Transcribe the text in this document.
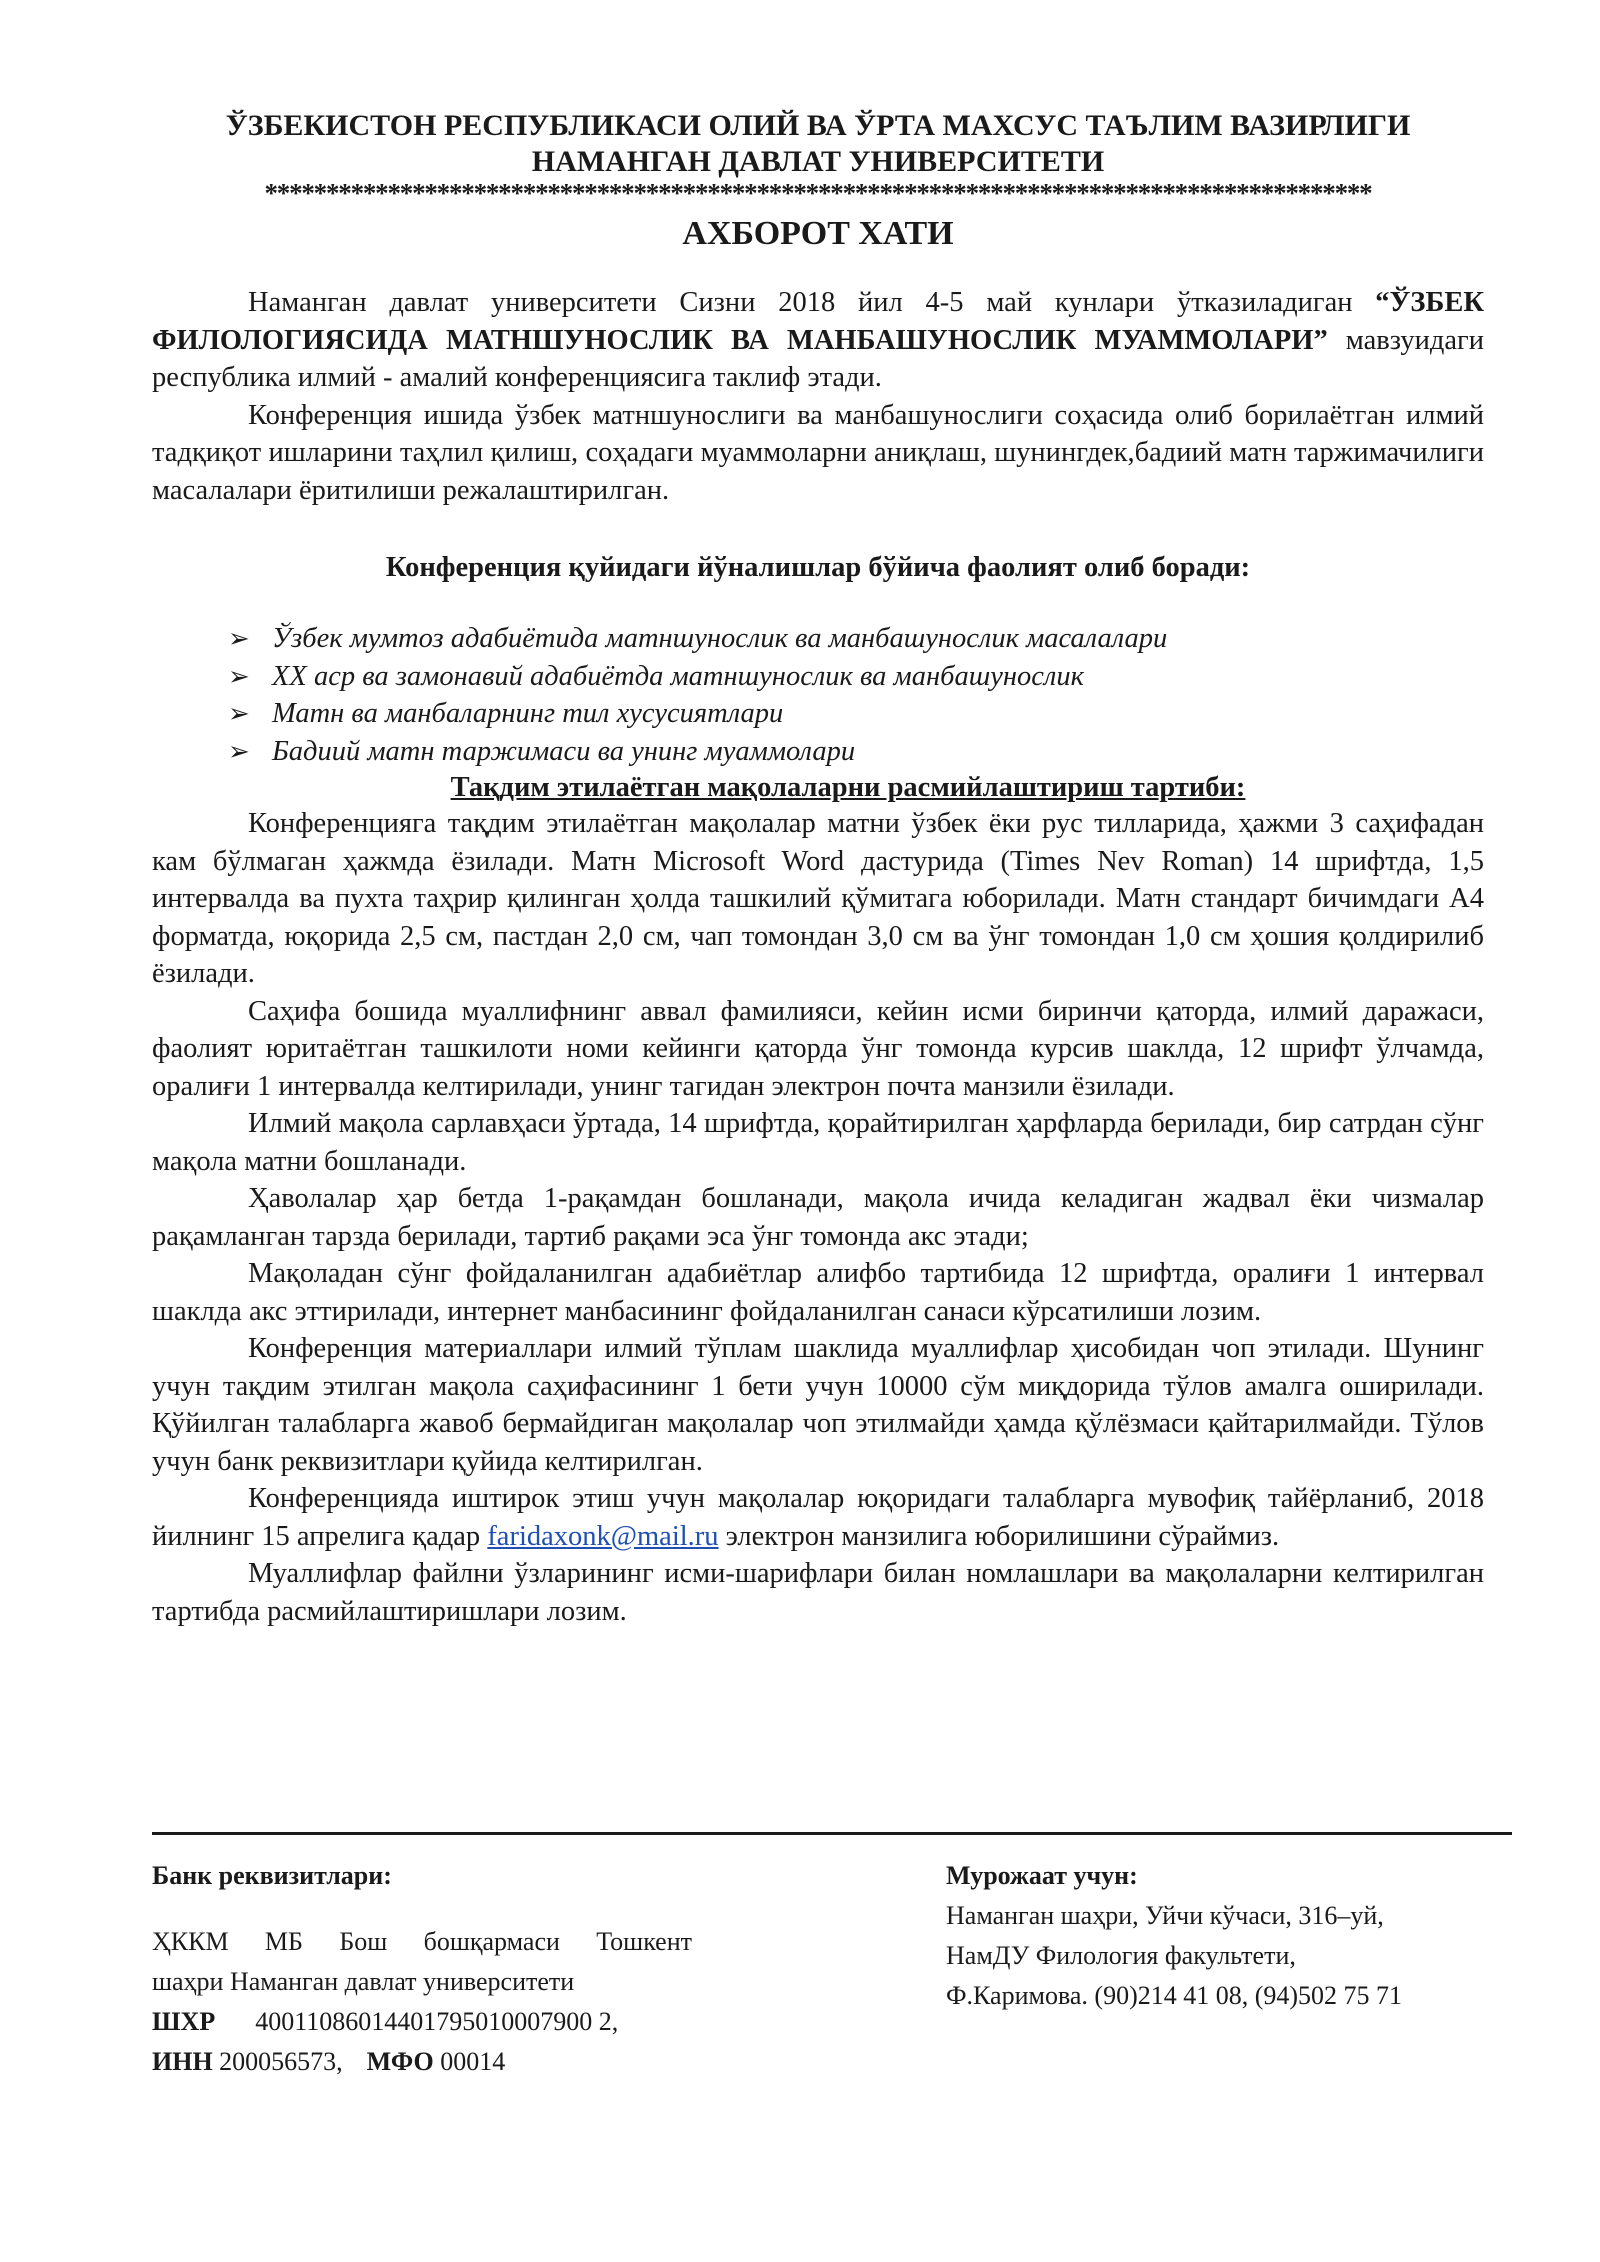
ЎЗБЕКИСТОН РЕСПУБЛИКАСИ ОЛИЙ ВА ЎРТА МАХСУС ТАЪЛИМ ВАЗИРЛИГИ
НАМАНГАН ДАВЛАТ УНИВЕРСИТЕТИ
******************************************************************************************
АХБОРОТ ХАТИ

Наманган давлат университети Сизни 2018 йил 4-5 май кунлари ўтказиладиган “ЎЗБЕК ФИЛОЛОГИЯСИДА МАТНШУНОСЛИК ВА МАНБАШУНОСЛИК МУАММОЛАРИ” мавзуидаги республика илмий - амалий конференциясига таклиф этади.

Конференция ишида ўзбек матншунослиги ва манбашунослиги соҳасида олиб борилаётган илмий тадқиқот ишларини таҳлил қилиш, соҳадаги муаммоларни аниқлаш, шунингдек,бадиий матн таржимачилиги масалалари ёритилиши режалаштирилган.

Конференция қуйидаги йўналишлар бўйича фаолият олиб боради:
➢ Ўзбек мумтоз адабиётида матншунослик ва манбашунослик масалалари
➢ ХХ аср ва замонавий адабиётда матншунослик ва манбашунослик
➢ Матн ва манбаларнинг тил хусусиятлари
➢ Бадиий матн таржимаси ва унинг муаммолари
Тақдим этилаётган мақолаларни расмийлаштириш тартиби:

Конференцияга тақдим этилаётган мақолалар матни ўзбек ёки рус тилларида, ҳажми 3 саҳифадан кам бўлмаган ҳажмда ёзилади. Матн Microsoft Word дастурида (Times Nev Roman) 14 шрифтда, 1,5 интервалда ва пухта таҳрир қилинган ҳолда ташкилий қўмитага юборилади. Матн стандарт бичимдаги А4 форматда, юқорида 2,5 см, пастдан 2,0 см, чап томондан 3,0 см ва ўнг томондан 1,0 см ҳошия қолдирилиб ёзилади.

Саҳифа бошида муаллифнинг аввал фамилияси, кейин исми биринчи қаторда, илмий даражаси, фаолият юритаётган ташкилоти номи кейинги қаторда ўнг томонда курсив шаклда, 12 шрифт ўлчамда, оралиғи 1 интервалда келтирилади, унинг тагидан электрон почта манзили ёзилади.

Илмий мақола сарлавҳаси ўртада, 14 шрифтда, қорайтирилган ҳарфларда берилади, бир сатрдан сўнг мақола матни бошланади.

Ҳаволалар ҳар бетда 1-рақамдан бошланади, мақола ичида келадиган жадвал ёки чизмалар рақамланган тарзда берилади, тартиб рақами эса ўнг томонда акс этади;

Мақоладан сўнг фойдаланилган адабиётлар алифбо тартибида 12 шрифтда, оралиғи 1 интервал шаклда акс эттирилади, интернет манбасининг фойдаланилган санаси кўрсатилиши лозим.

Конференция материаллари илмий тўплам шаклида муаллифлар ҳисобидан чоп этилади. Шунинг учун тақдим этилган мақола саҳифасининг 1 бети учун 10000 сўм миқдорида тўлов амалга оширилади. Қўйилган талабларга жавоб бермайдиган мақолалар чоп этилмайди ҳамда қўлёзмаси қайтарилмайди. Тўлов учун банк реквизитлари қуйида келтирилган.

Конференцияда иштирок этиш учун мақолалар юқоридаги талабларга мувофиқ тайёрланиб, 2018 йилнинг 15 апрелига қадар faridaxonk@mail.ru электрон манзилига юборилишини сўраймиз.

Муаллифлар файлни ўзларининг исми-шарифлари билан номлашлари ва мақолаларни келтирилган тартибда расмийлаштиришлари лозим.

Банк реквизитлари:
ҲККМ МБ Бош бошқармаси Тошкент
шаҳри Наманган давлат университети
ШХР 40011086014401795010007900 2,
ИНН 200056573, МФО 00014
Мурожаат учун:
Наманган шаҳри, Уйчи кўчаси, 316–уй,
НамДУ Филология факультети,
Ф.Каримова. (90)214 41 08, (94)502 75 71
